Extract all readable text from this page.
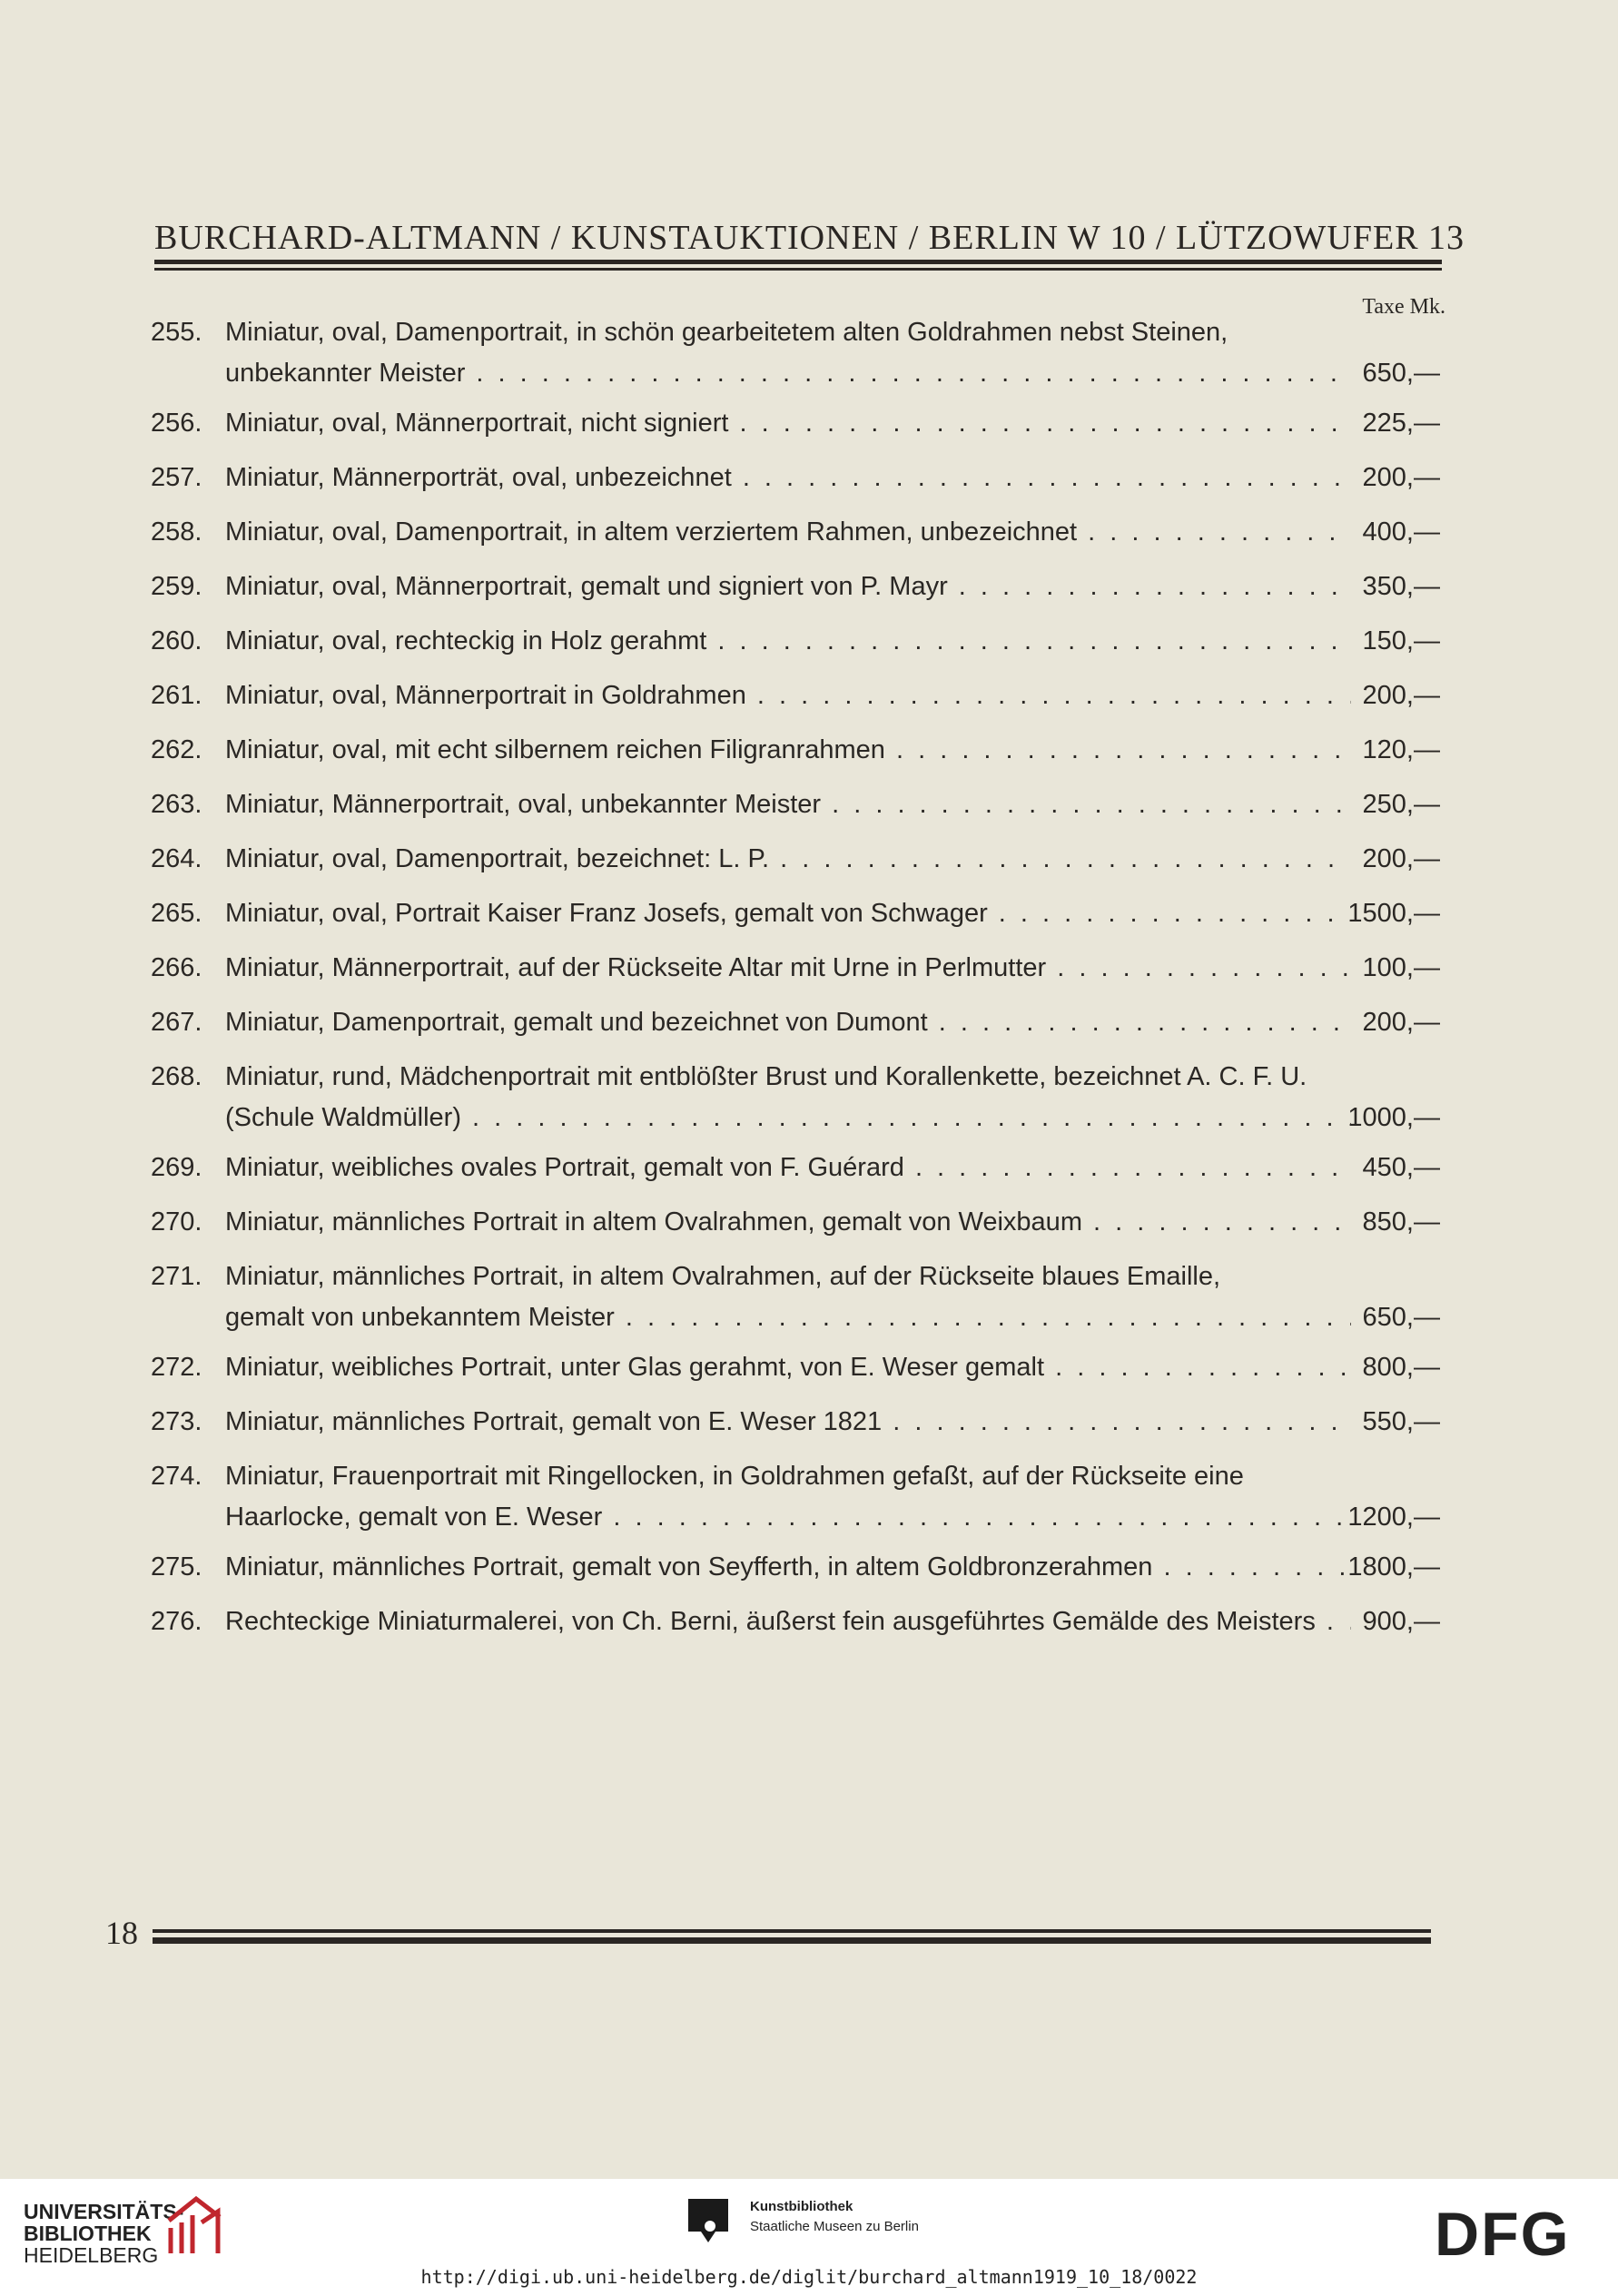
BURCHARD-ALTMANN / KUNSTAUKTIONEN / BERLIN W 10 / LÜTZOWUFER 13
Taxe Mk.
255. Miniatur, oval, Damenportrait, in schön gearbeitetem alten Goldrahmen nebst Steinen,
unbekannter Meister . . .	650,—
256. Miniatur, oval, Männerportrait, nicht signiert . . .	225,—
257. Miniatur, Männerporträt, oval, unbezeichnet . . .	200,—
258. Miniatur, oval, Damenportrait, in altem verziertem Rahmen, unbezeichnet . . .	400,—
259. Miniatur, oval, Männerportrait, gemalt und signiert von P. Mayr . . .	350,—
260. Miniatur, oval, rechteckig in Holz gerahmt . . .	150,—
261. Miniatur, oval, Männerportrait in Goldrahmen . . .	200,—
262. Miniatur, oval, mit echt silbernem reichen Filigranrahmen . . .	120,—
263. Miniatur, Männerportrait, oval, unbekannter Meister . . .	250,—
264. Miniatur, oval, Damenportrait, bezeichnet: L. P. . . .	200,—
265. Miniatur, oval, Portrait Kaiser Franz Josefs, gemalt von Schwager . . .	1500,—
266. Miniatur, Männerportrait, auf der Rückseite Altar mit Urne in Perlmutter . . .	100,—
267. Miniatur, Damenportrait, gemalt und bezeichnet von Dumont . . .	200,—
268. Miniatur, rund, Mädchenportrait mit entblößter Brust und Korallenkette, bezeichnet A. C. F. U.
(Schule Waldmüller) . . .	1000,—
269. Miniatur, weibliches ovales Portrait, gemalt von F. Guérard . . .	450,—
270. Miniatur, männliches Portrait in altem Ovalrahmen, gemalt von Weixbaum . . .	850,—
271. Miniatur, männliches Portrait, in altem Ovalrahmen, auf der Rückseite blaues Emaille,
gemalt von unbekanntem Meister . . .	650,—
272. Miniatur, weibliches Portrait, unter Glas gerahmt, von E. Weser gemalt . . .	800,—
273. Miniatur, männliches Portrait, gemalt von E. Weser 1821 . . .	550,—
274. Miniatur, Frauenportrait mit Ringellocken, in Goldrahmen gefaßt, auf der Rückseite eine
Haarlocke, gemalt von E. Weser . . .	1200,—
275. Miniatur, männliches Portrait, gemalt von Seyfferth, in altem Goldbronzerahmen . . .	1800,—
276. Rechteckige Miniaturmalerei, von Ch. Berni, äußerst fein ausgeführtes Gemälde des Meisters . . .	900,—
18
UNIVERSITÄTS-
BIBLIOTHEK
HEIDELBERG
Kunstbibliothek
Staatliche Museen zu Berlin	DFG
http://digi.ub.uni-heidelberg.de/diglit/burchard_altmann1919_10_18/0022
